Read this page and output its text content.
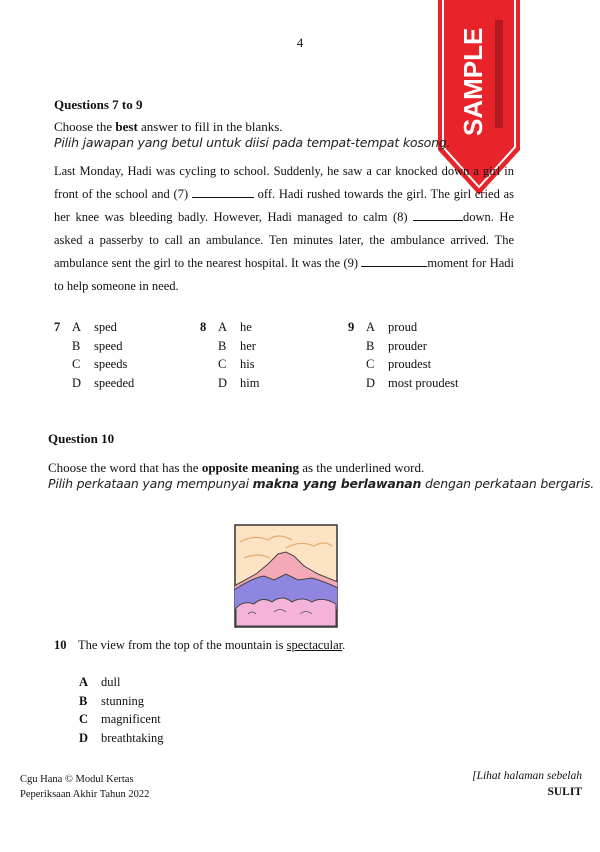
4	SAMPLE
Questions 7 to 9
Choose the best answer to fill in the blanks.
Pilih jawapan yang betul untuk diisi pada tempat-tempat kosong.
Last Monday, Hadi was cycling to school. Suddenly, he saw a car knocked down a girl in front of the school and (7)	off. Hadi rushed towards the girl. The girl cried as her knee was bleeding badly. However, Hadi managed to calm (8)	down. He asked a passerby to call an ambulance. Ten minutes later, the ambulance arrived. The ambulance sent the girl to the nearest hospital. It was the (9)	moment for Hadi to help someone in need.
7 A sped
B speed
C speeds
D speeded
8 A he
B her
C his
D him
9 A proud
B prouder
C proudest
D most proudest
Question 10
Choose the word that has the opposite meaning as the underlined word.
Pilih perkataan yang mempunyai makna yang berlawanan dengan perkataan bergaris.
10 The view from the top of the mountain is spectacular.
A dull
B stunning
C magnificent
D breathtaking
Cgu Hana © Modul Kertas
Peperiksaan Akhir Tahun 2022
[Lihat halaman sebelah
SULIT
